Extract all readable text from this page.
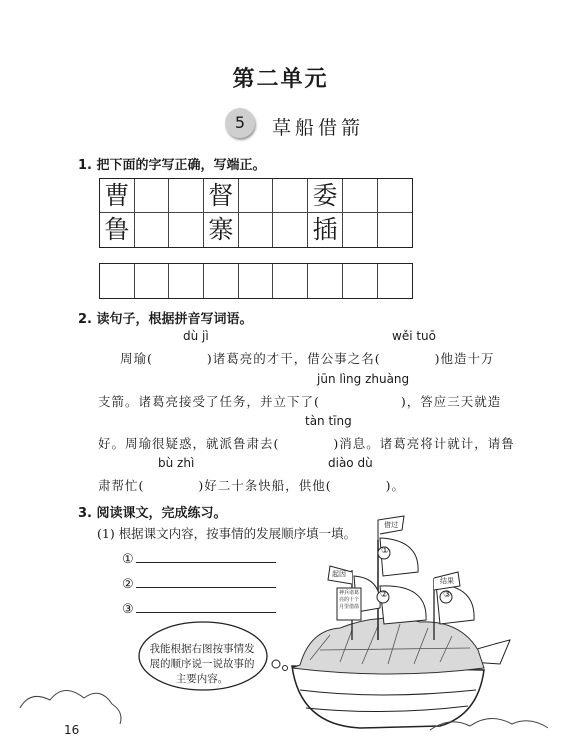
第二单元
5	草船借箭
1. 把下面的字写正确，写端正。
曹	督	委
鲁	寨	插
2. 读句子，根据拼音写词语。
dù jì	wěi tuō
周瑜(　　　　)诸葛亮的才干，借公事之名(　　　　)他造十万
jūn lìng zhuàng
支箭。诸葛亮接受了任务，并立下了(　　　　　　)，答应三天就造
tàn tīng
好。周瑜很疑惑，就派鲁肃去(　　　　)消息。诸葛亮将计就计，请鲁
bù zhì	diào dù
肃帮忙(　　　　)好二十条快船，供他(　　　　)。
3. 阅读课文，完成练习。
(1) 根据课文内容，按事情的发展顺序填一填。
①
②
③
①
②	③
借过
起因
结果
神兵诸葛亮的十个月里借箭
我能根据右图按事情发展的顺序说一说故事的主要内容。
16
